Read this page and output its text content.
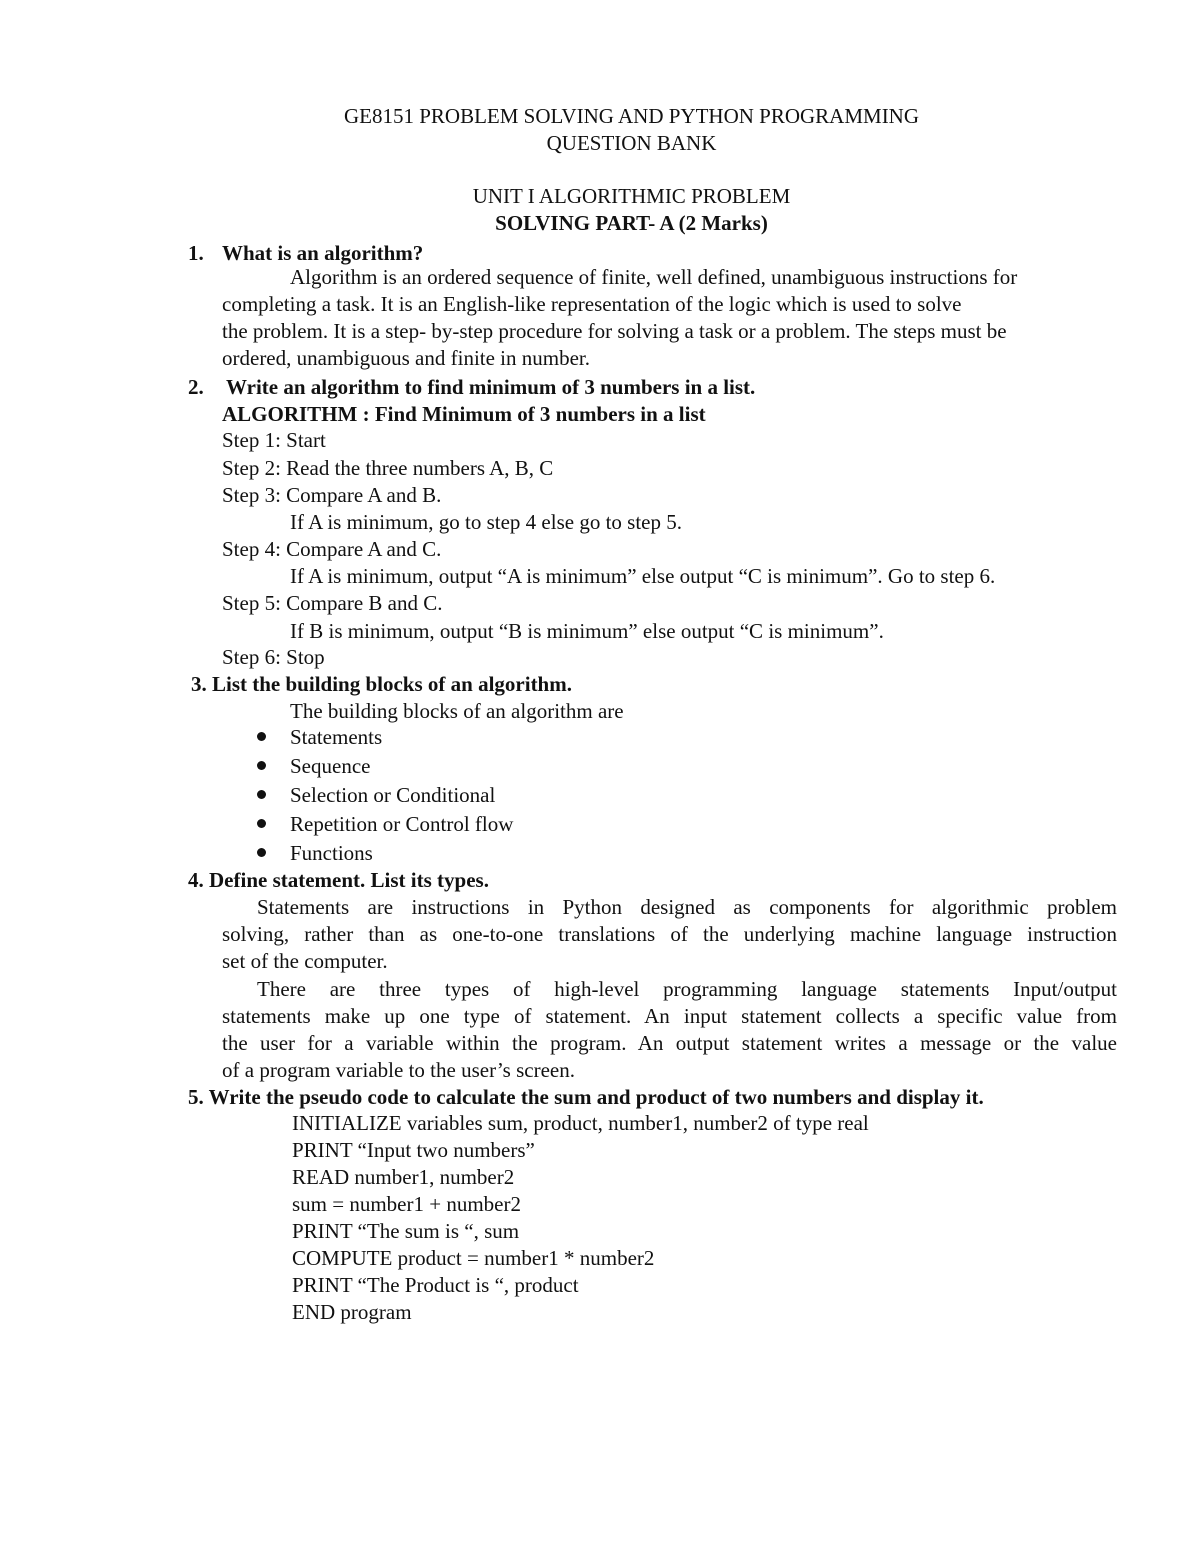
GE8151 PROBLEM SOLVING AND PYTHON PROGRAMMING
QUESTION BANK
UNIT I ALGORITHMIC PROBLEM
SOLVING PART- A (2 Marks)
1. What is an algorithm?
Algorithm is an ordered sequence of finite, well defined, unambiguous instructions for
completing a task. It is an English-like representation of the logic which is used to solve
the problem. It is a step- by-step procedure for solving a task or a problem. The steps must be
ordered, unambiguous and finite in number.
2. Write an algorithm to find minimum of 3 numbers in a list.
ALGORITHM : Find Minimum of 3 numbers in a list
Step 1: Start
Step 2: Read the three numbers A, B, C
Step 3: Compare A and B.
If A is minimum, go to step 4 else go to step 5.
Step 4: Compare A and C.
If A is minimum, output “A is minimum” else output “C is minimum”. Go to step 6.
Step 5: Compare B and C.
If B is minimum, output “B is minimum” else output “C is minimum”.
Step 6: Stop
3. List the building blocks of an algorithm.
The building blocks of an algorithm are
Statements
Sequence
Selection or Conditional
Repetition or Control flow
Functions
4. Define statement. List its types.
Statements are instructions in Python designed as components for algorithmic problem
solving, rather than as one-to-one translations of the underlying machine language instruction
set of the computer.
There are three types of high-level programming language statements Input/output
statements make up one type of statement. An input statement collects a specific value from
the user for a variable within the program. An output statement writes a message or the value
of a program variable to the user’s screen.
5. Write the pseudo code to calculate the sum and product of two numbers and display it.
INITIALIZE variables sum, product, number1, number2 of type real
PRINT “Input two numbers”
READ number1, number2
sum = number1 + number2
PRINT “The sum is “, sum
COMPUTE product = number1 * number2
PRINT “The Product is “, product
END program
